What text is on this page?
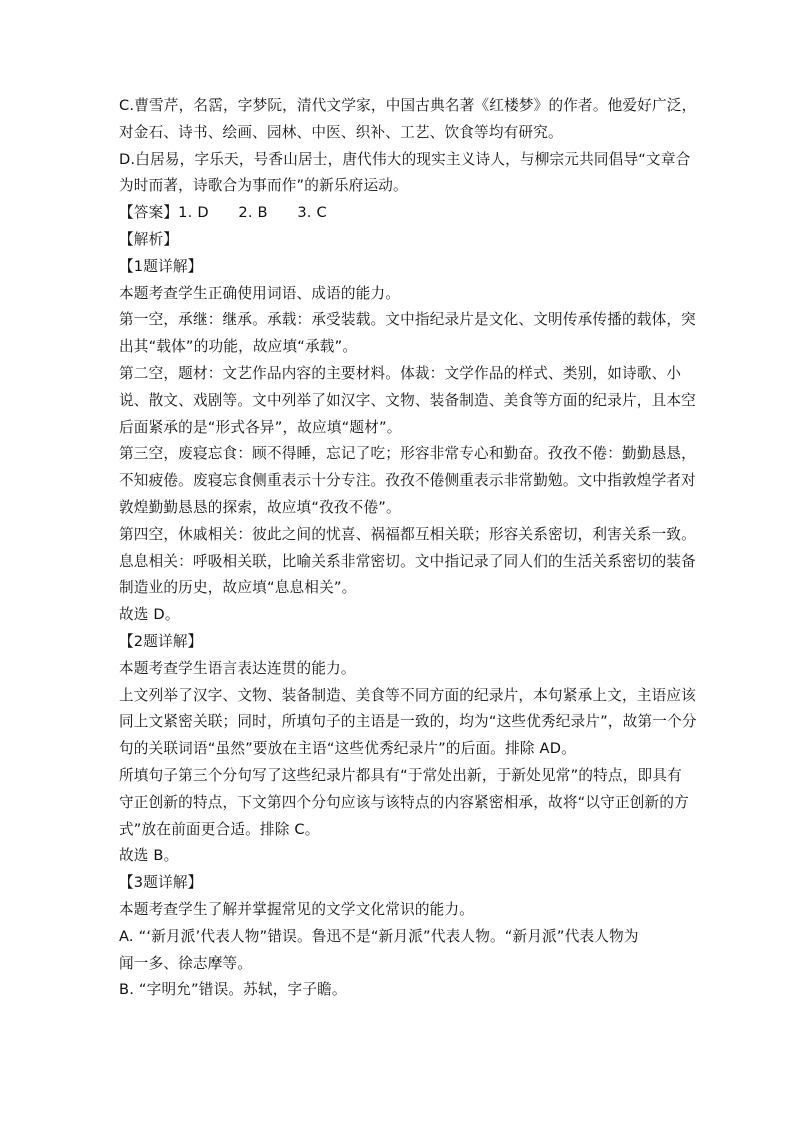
C.曹雪芹，名霑，字梦阮，清代文学家，中国古典名著《红楼梦》的作者。他爱好广泛，
对金石、诗书、绘画、园林、中医、织补、工艺、饮食等均有研究。
D.白居易，字乐天，号香山居士，唐代伟大的现实主义诗人，与柳宗元共同倡导“文章合
为时而著，诗歌合为事而作”的新乐府运动。
【答案】1. D　　2. B　　3. C
【解析】
【1题详解】
本题考查学生正确使用词语、成语的能力。
第一空，承继：继承。承载：承受装载。文中指纪录片是文化、文明传承传播的载体，突
出其“载体”的功能，故应填“承载”。
第二空，题材：文艺作品内容的主要材料。体裁：文学作品的样式、类别，如诗歌、小
说、散文、戏剧等。文中列举了如汉字、文物、装备制造、美食等方面的纪录片，且本空
后面紧承的是“形式各异”，故应填“题材”。
第三空，废寝忘食：顾不得睡，忘记了吃；形容非常专心和勤奋。孜孜不倦：勤勤恳恳，
不知疲倦。废寝忘食侧重表示十分专注。孜孜不倦侧重表示非常勤勉。文中指敦煌学者对
敦煌勤勤恳恳的探索，故应填“孜孜不倦”。
第四空，休戚相关：彼此之间的忧喜、祸福都互相关联；形容关系密切，利害关系一致。
息息相关：呼吸相关联，比喻关系非常密切。文中指记录了同人们的生活关系密切的装备
制造业的历史，故应填“息息相关”。
故选 D。
【2题详解】
本题考查学生语言表达连贯的能力。
上文列举了汉字、文物、装备制造、美食等不同方面的纪录片，本句紧承上文，主语应该
同上文紧密关联；同时，所填句子的主语是一致的，均为“这些优秀纪录片”，故第一个分
句的关联词语“虽然”要放在主语“这些优秀纪录片”的后面。排除 AD。
所填句子第三个分句写了这些纪录片都具有“于常处出新，于新处见常”的特点，即具有
守正创新的特点，下文第四个分句应该与该特点的内容紧密相承，故将“以守正创新的方
式”放在前面更合适。排除 C。
故选 B。
【3题详解】
本题考查学生了解并掌握常见的文学文化常识的能力。
A. “‘新月派’代表人物”错误。鲁迅不是“新月派”代表人物。“新月派”代表人物为
闻一多、徐志摩等。
B. “字明允”错误。苏轼，字子瞻。
